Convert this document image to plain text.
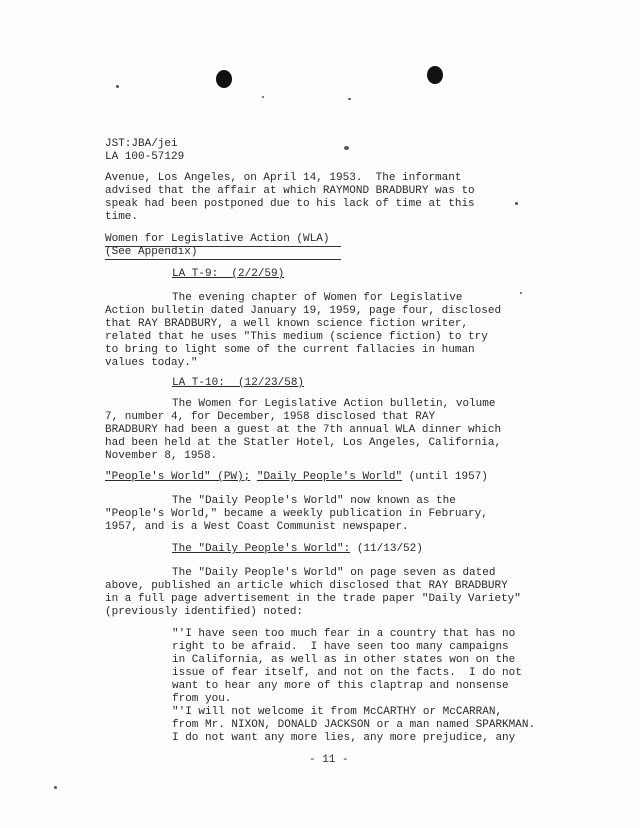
JST:JBA/jei
LA 100-57129
Avenue, Los Angeles, on April 14, 1953.  The informant
advised that the affair at which RAYMOND BRADBURY was to
speak had been postponed due to his lack of time at this
time.
Women for Legislative Action (WLA)
(See Appendix)
LA T-9:  (2/2/59)
The evening chapter of Women for Legislative
Action bulletin dated January 19, 1959, page four, disclosed
that RAY BRADBURY, a well known science fiction writer,
related that he uses "This medium (science fiction) to try
to bring to light some of the current fallacies in human
values today."
LA T-10:  (12/23/58)
The Women for Legislative Action bulletin, volume
7, number 4, for December, 1958 disclosed that RAY
BRADBURY had been a guest at the 7th annual WLA dinner which
had been held at the Statler Hotel, Los Angeles, California,
November 8, 1958.
"People's World" (PW); "Daily People's World" (until 1957)
The "Daily People's World" now known as the
"People's World," became a weekly publication in February,
1957, and is a West Coast Communist newspaper.
The "Daily People's World": (11/13/52)
The "Daily People's World" on page seven as dated
above, published an article which disclosed that RAY BRADBURY
in a full page advertisement in the trade paper "Daily Variety"
(previously identified) noted:
"'I have seen too much fear in a country that has no
right to be afraid.  I have seen too many campaigns
in California, as well as in other states won on the
issue of fear itself, and not on the facts.  I do not
want to hear any more of this claptrap and nonsense
from you.
"'I will not welcome it from McCARTHY or McCARRAN,
from Mr. NIXON, DONALD JACKSON or a man named SPARKMAN.
I do not want any more lies, any more prejudice, any
- 11 -
